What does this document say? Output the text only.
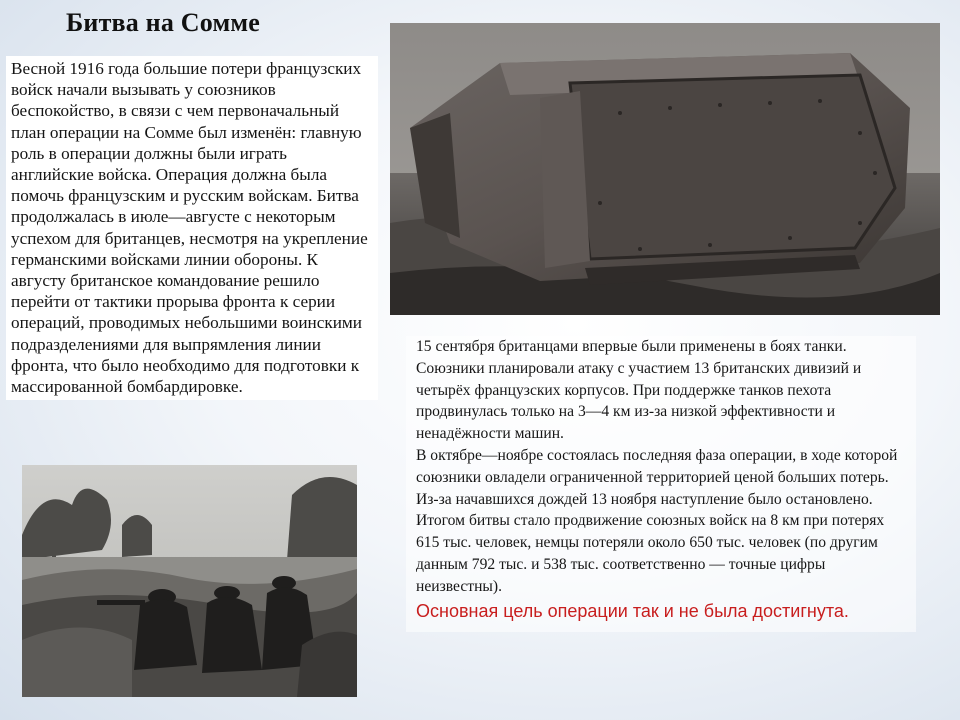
Битва на Сомме
Весной 1916 года большие потери французских войск начали вызывать у союзников беспокойство, в связи с чем первоначальный план операции на Сомме был изменён: главную роль в операции должны были играть английские войска. Операция должна была помочь французским и русским войскам. Битва продолжалась в июле—августе с некоторым успехом для британцев, несмотря на укрепление германскими войсками линии обороны. К августу британское командование решило перейти от тактики прорыва фронта к серии операций, проводимых небольшими воинскими подразделениями для выпрямления линии фронта, что было необходимо для подготовки к массированной бомбардировке.

15 сентября британцами впервые были применены в боях танки. Союзники планировали атаку с участием 13 британских дивизий и четырёх французских корпусов. При поддержке танков пехота продвинулась только на 3—4 км из-за низкой эффективности и ненадёжности машин.

В октябре—ноябре состоялась последняя фаза операции, в ходе которой союзники овладели ограниченной территорией ценой больших потерь. Из-за начавшихся дождей 13 ноября наступление было остановлено.

Итогом битвы стало продвижение союзных войск на 8 км при потерях 615 тыс. человек, немцы потеряли около 650 тыс. человек (по другим данным 792 тыс. и 538 тыс. соответственно — точные цифры неизвестны).

Основная цель операции так и не была достигнута.
